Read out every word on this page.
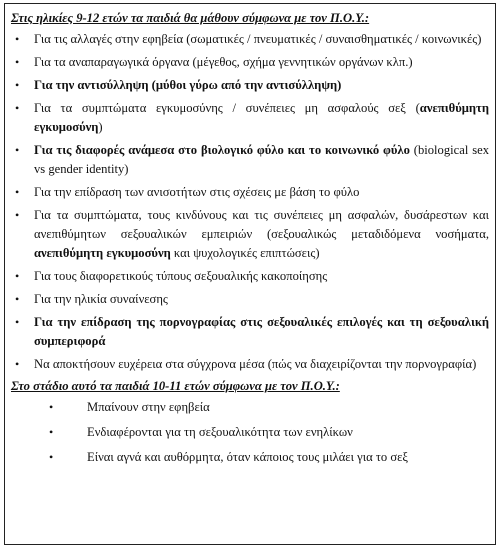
Στις ηλικίες 9-12 ετών τα παιδιά θα μάθουν σύμφωνα με τον Π.Ο.Υ.:
• Για τις αλλαγές στην εφηβεία (σωματικές / πνευματικές / συναισθηματικές / κοινωνικές)
• Για τα αναπαραγωγικά όργανα (μέγεθος, σχήμα γεννητικών οργάνων κλπ.)
• Για την αντισύλληψη (μύθοι γύρω από την αντισύλληψη)
• Για τα συμπτώματα εγκυμοσύνης / συνέπειες μη ασφαλούς σεξ (ανεπιθύμητη εγκυμοσύνη)
• Για τις διαφορές ανάμεσα στο βιολογικό φύλο και το κοινωνικό φύλο (biological sex vs gender identity)
• Για την επίδραση των ανισοτήτων στις σχέσεις με βάση το φύλο
• Για τα συμπτώματα, τους κινδύνους και τις συνέπειες μη ασφαλών, δυσάρεστων και ανεπιθύμητων σεξουαλικών εμπειριών (σεξουαλικώς μεταδιδόμενα νοσήματα, ανεπιθύμητη εγκυμοσύνη και ψυχολογικές επιπτώσεις)
• Για τους διαφορετικούς τύπους σεξουαλικής κακοποίησης
• Για την ηλικία συναίνεσης
• Για την επίδραση της πορνογραφίας στις σεξουαλικές επιλογές και τη σεξουαλική συμπεριφορά
• Να αποκτήσουν ευχέρεια στα σύγχρονα μέσα (πώς να διαχειρίζονται την πορνογραφία)
Στο στάδιο αυτό τα παιδιά 10-11 ετών σύμφωνα με τον Π.Ο.Υ.:
•	Μπαίνουν στην εφηβεία
•	Ενδιαφέρονται για τη σεξουαλικότητα των ενηλίκων
•	Είναι αγνά και αυθόρμητα, όταν κάποιος τους μιλάει για το σεξ
